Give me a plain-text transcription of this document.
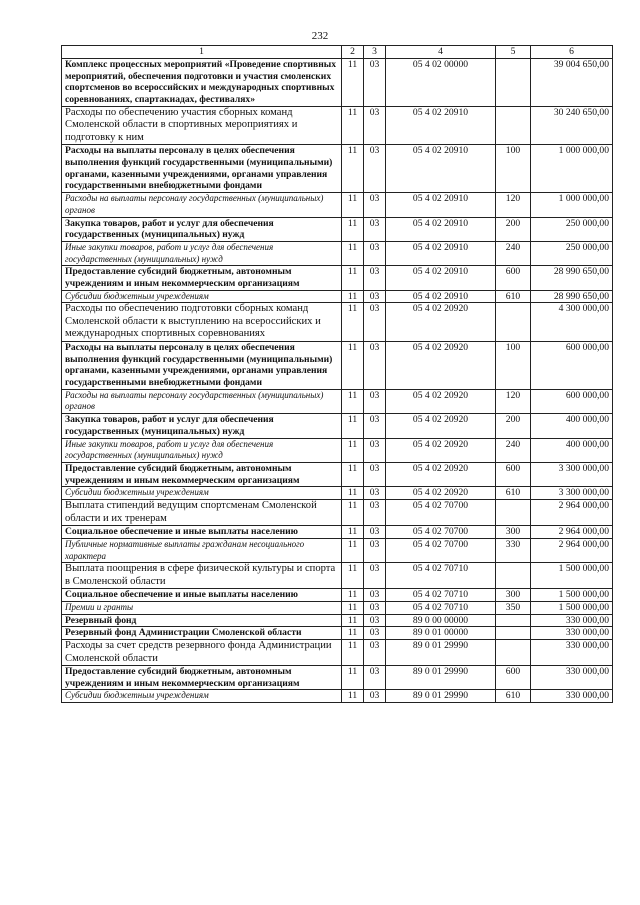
232
1	2	3	4	5	6
Комплекс процессных мероприятий «Проведение спортивных мероприятий, обеспечения подготовки и участия смоленских спортсменов во всероссийских и международных спортивных соревнованиях, спартакиадах, фестивалях»	11	03	05 4 02 00000		39 004 650,00
Расходы по обеспечению участия сборных команд Смоленской области в спортивных мероприятиях и подготовку к ним	11	03	05 4 02 20910		30 240 650,00
Расходы на выплаты персоналу в целях обеспечения выполнения функций государственными (муниципальными) органами, казенными учреждениями, органами управления государственными внебюджетными фондами	11	03	05 4 02 20910	100	1 000 000,00
Расходы на выплаты персоналу государственных (муниципальных) органов	11	03	05 4 02 20910	120	1 000 000,00
Закупка товаров, работ и услуг для обеспечения государственных (муниципальных) нужд	11	03	05 4 02 20910	200	250 000,00
Иные закупки товаров, работ и услуг для обеспечения государственных (муниципальных) нужд	11	03	05 4 02 20910	240	250 000,00
Предоставление субсидий бюджетным, автономным учреждениям и иным некоммерческим организациям	11	03	05 4 02 20910	600	28 990 650,00
Субсидии бюджетным учреждениям	11	03	05 4 02 20910	610	28 990 650,00
Расходы по обеспечению подготовки сборных команд Смоленской области к выступлению на всероссийских и международных спортивных соревнованиях	11	03	05 4 02 20920		4 300 000,00
Расходы на выплаты персоналу в целях обеспечения выполнения функций государственными (муниципальными) органами, казенными учреждениями, органами управления государственными внебюджетными фондами	11	03	05 4 02 20920	100	600 000,00
Расходы на выплаты персоналу государственных (муниципальных) органов	11	03	05 4 02 20920	120	600 000,00
Закупка товаров, работ и услуг для обеспечения государственных (муниципальных) нужд	11	03	05 4 02 20920	200	400 000,00
Иные закупки товаров, работ и услуг для обеспечения государственных (муниципальных) нужд	11	03	05 4 02 20920	240	400 000,00
Предоставление субсидий бюджетным, автономным учреждениям и иным некоммерческим организациям	11	03	05 4 02 20920	600	3 300 000,00
Субсидии бюджетным учреждениям	11	03	05 4 02 20920	610	3 300 000,00
Выплата стипендий ведущим спортсменам Смоленской области и их тренерам	11	03	05 4 02 70700		2 964 000,00
Социальное обеспечение и иные выплаты населению	11	03	05 4 02 70700	300	2 964 000,00
Публичные нормативные выплаты гражданам несоциального характера	11	03	05 4 02 70700	330	2 964 000,00
Выплата поощрения в сфере физической культуры и спорта в Смоленской области	11	03	05 4 02 70710		1 500 000,00
Социальное обеспечение и иные выплаты населению	11	03	05 4 02 70710	300	1 500 000,00
Премии и гранты	11	03	05 4 02 70710	350	1 500 000,00
Резервный фонд	11	03	89 0 00 00000		330 000,00
Резервный фонд Администрации Смоленской области	11	03	89 0 01 00000		330 000,00
Расходы за счет средств резервного фонда Администрации Смоленской области	11	03	89 0 01 29990		330 000,00
Предоставление субсидий бюджетным, автономным учреждениям и иным некоммерческим организациям	11	03	89 0 01 29990	600	330 000,00
Субсидии бюджетным учреждениям	11	03	89 0 01 29990	610	330 000,00
